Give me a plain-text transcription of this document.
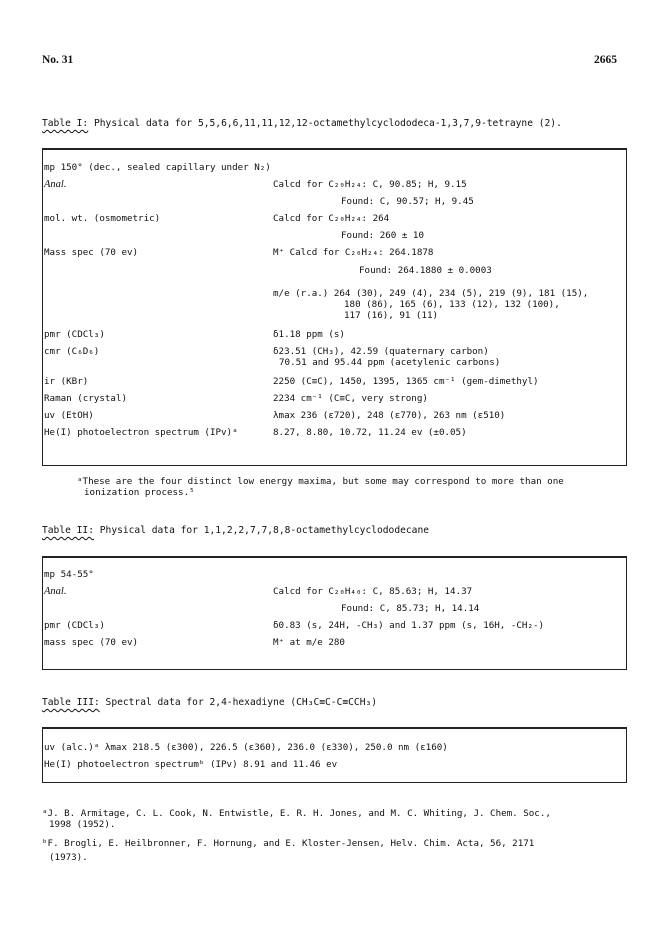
No. 31	2665
Table I: Physical data for 5,5,6,6,11,11,12,12-octamethylcyclododeca-1,3,7,9-tetrayne (2).
mp 150° (dec., sealed capillary under N₂)
Anal.	Calcd for C₂₀H₂₄: C, 90.85; H, 9.15
Found: C, 90.57; H, 9.45
mol. wt. (osmometric)	Calcd for C₂₀H₂₄: 264
Found: 260 ± 10
Mass spec (70 ev)	M⁺ Calcd for C₂₀H₂₄: 264.1878
Found: 264.1880 ± 0.0003
m/e (r.a.) 264 (30), 249 (4), 234 (5), 219 (9), 181 (15),
180 (86), 165 (6), 133 (12), 132 (100),
117 (16), 91 (11)
pmr (CDCl₃)	δ1.18 ppm (s)
cmr (C₆D₆)	δ23.51 (CH₃), 42.59 (quaternary carbon)
70.51 and 95.44 ppm (acetylenic carbons)
ir (KBr)	2250 (C≡C), 1450, 1395, 1365 cm⁻¹ (gem-dimethyl)
Raman (crystal)	2234 cm⁻¹ (C≡C, very strong)
uv (EtOH)	λmax 236 (ε720), 248 (ε770), 263 nm (ε510)
He(I) photoelectron spectrum (IPv)ᵃ	8.27, 8.80, 10.72, 11.24 ev (±0.05)
ᵃThese are the four distinct low energy maxima, but some may correspond to more than one
ionization process.⁵
Table II: Physical data for 1,1,2,2,7,7,8,8-octamethylcyclododecane
mp 54-55°
Anal.	Calcd for C₂₀H₄₀: C, 85.63; H, 14.37
Found: C, 85.73; H, 14.14
pmr (CDCl₃)	δ0.83 (s, 24H, -CH₃) and 1.37 ppm (s, 16H, -CH₂-)
mass spec (70 ev)	M⁺ at m/e 280
Table III: Spectral data for 2,4-hexadiyne (CH₃C≡C-C≡CCH₃)
uv (alc.)ᵃ λmax 218.5 (ε300), 226.5 (ε360), 236.0 (ε330), 250.0 nm (ε160)
He(I) photoelectron spectrumᵇ (IPv) 8.91 and 11.46 ev
ᵃJ. B. Armitage, C. L. Cook, N. Entwistle, E. R. H. Jones, and M. C. Whiting, J. Chem. Soc.,
1998 (1952).
ᵇF. Brogli, E. Heilbronner, F. Hornung, and E. Kloster-Jensen, Helv. Chim. Acta, 56, 2171
(1973).
